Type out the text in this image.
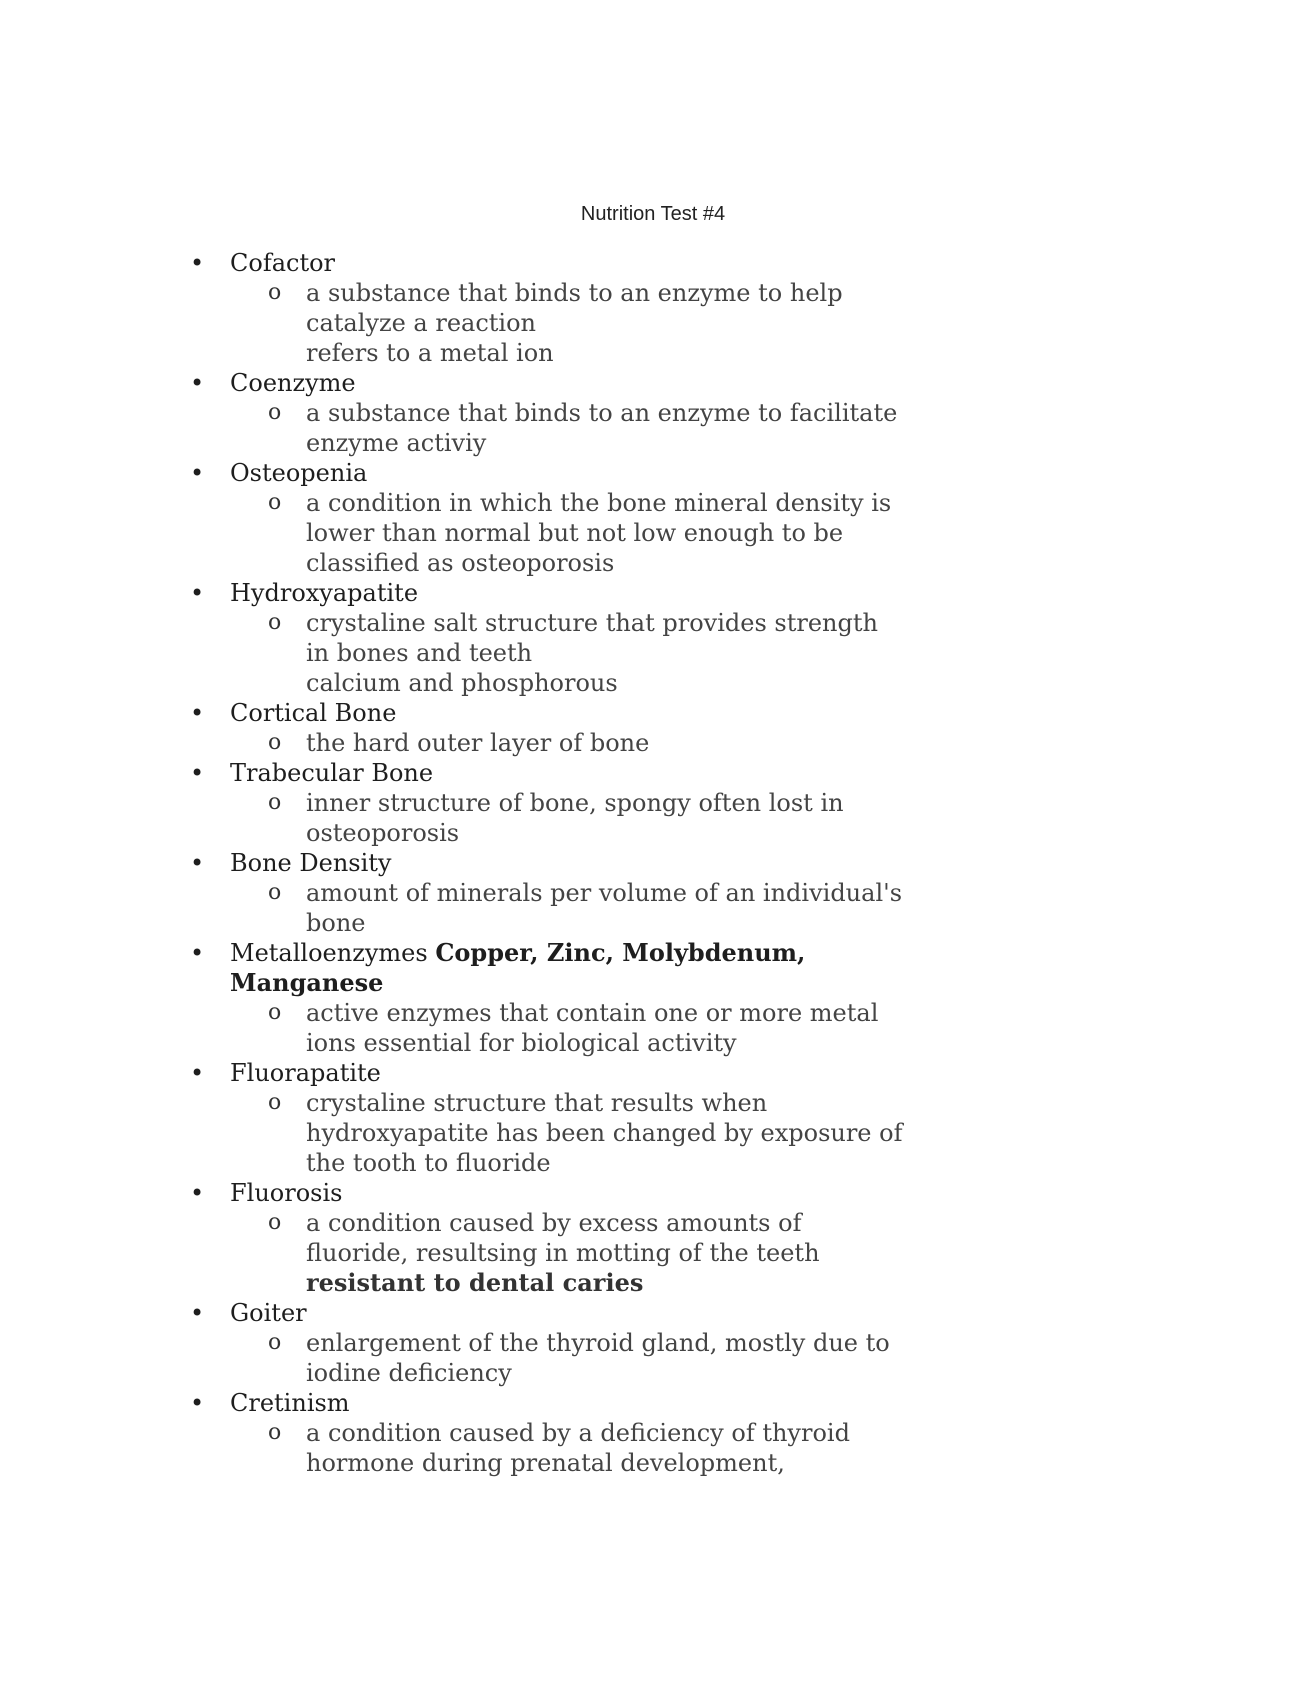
Nutrition Test #4
• Cofactor
o a substance that binds to an enzyme to help catalyze a reaction
refers to a metal ion
• Coenzyme
o a substance that binds to an enzyme to facilitate enzyme activiy
• Osteopenia
o a condition in which the bone mineral density is lower than normal but not low enough to be classified as osteoporosis
• Hydroxyapatite
o crystaline salt structure that provides strength in bones and teeth
calcium and phosphorous
• Cortical Bone
o the hard outer layer of bone
• Trabecular Bone
o inner structure of bone, spongy often lost in osteoporosis
• Bone Density
o amount of minerals per volume of an individual's bone
• Metalloenzymes Copper, Zinc, Molybdenum, Manganese
o active enzymes that contain one or more metal ions essential for biological activity
• Fluorapatite
o crystaline structure that results when hydroxyapatite has been changed by exposure of the tooth to fluoride
• Fluorosis
o a condition caused by excess amounts of fluoride, resultsing in motting of the teeth
resistant to dental caries
• Goiter
o enlargement of the thyroid gland, mostly due to iodine deficiency
• Cretinism
o a condition caused by a deficiency of thyroid hormone during prenatal development,
